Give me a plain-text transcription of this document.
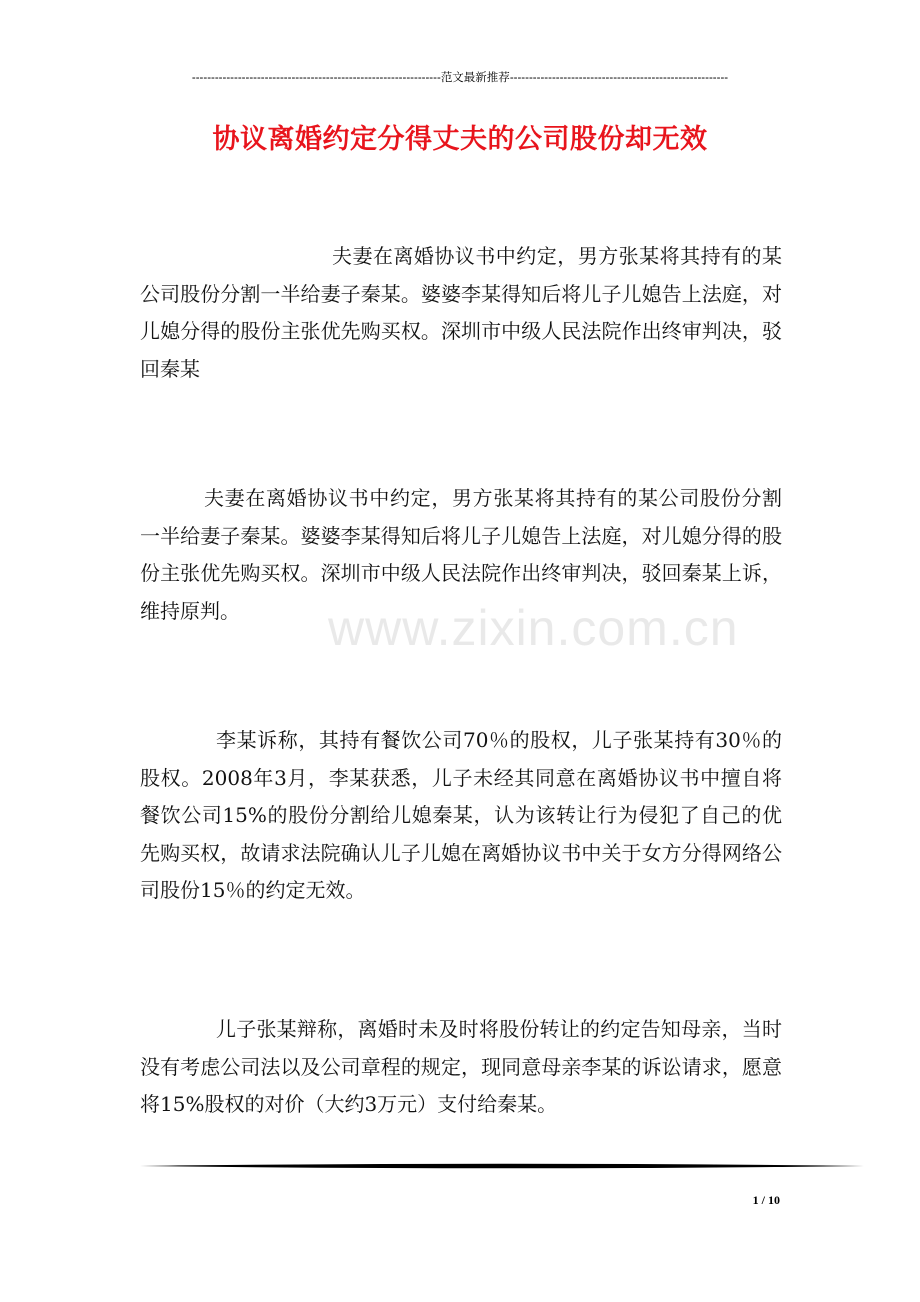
-----------------------------------------------------------------范文最新推荐---------------------------------------------------------
协议离婚约定分得丈夫的公司股份却无效

夫妻在离婚协议书中约定，男方张某将其持有的某公司股份分割一半给妻子秦某。婆婆李某得知后将儿子儿媳告上法庭，对儿媳分得的股份主张优先购买权。深圳市中级人民法院作出终审判决，驳回秦某

夫妻在离婚协议书中约定，男方张某将其持有的某公司股份分割一半给妻子秦某。婆婆李某得知后将儿子儿媳告上法庭，对儿媳分得的股份主张优先购买权。深圳市中级人民法院作出终审判决，驳回秦某上诉，维持原判。

李某诉称，其持有餐饮公司70％的股权，儿子张某持有30％的股权。2008年3月，李某获悉，儿子未经其同意在离婚协议书中擅自将餐饮公司15%的股份分割给儿媳秦某，认为该转让行为侵犯了自己的优先购买权，故请求法院确认儿子儿媳在离婚协议书中关于女方分得网络公司股份15％的约定无效。

儿子张某辩称，离婚时未及时将股份转让的约定告知母亲，当时没有考虑公司法以及公司章程的规定，现同意母亲李某的诉讼请求，愿意将15%股权的对价（大约3万元）支付给秦某。

www.zixin.com.cn
1 / 10
